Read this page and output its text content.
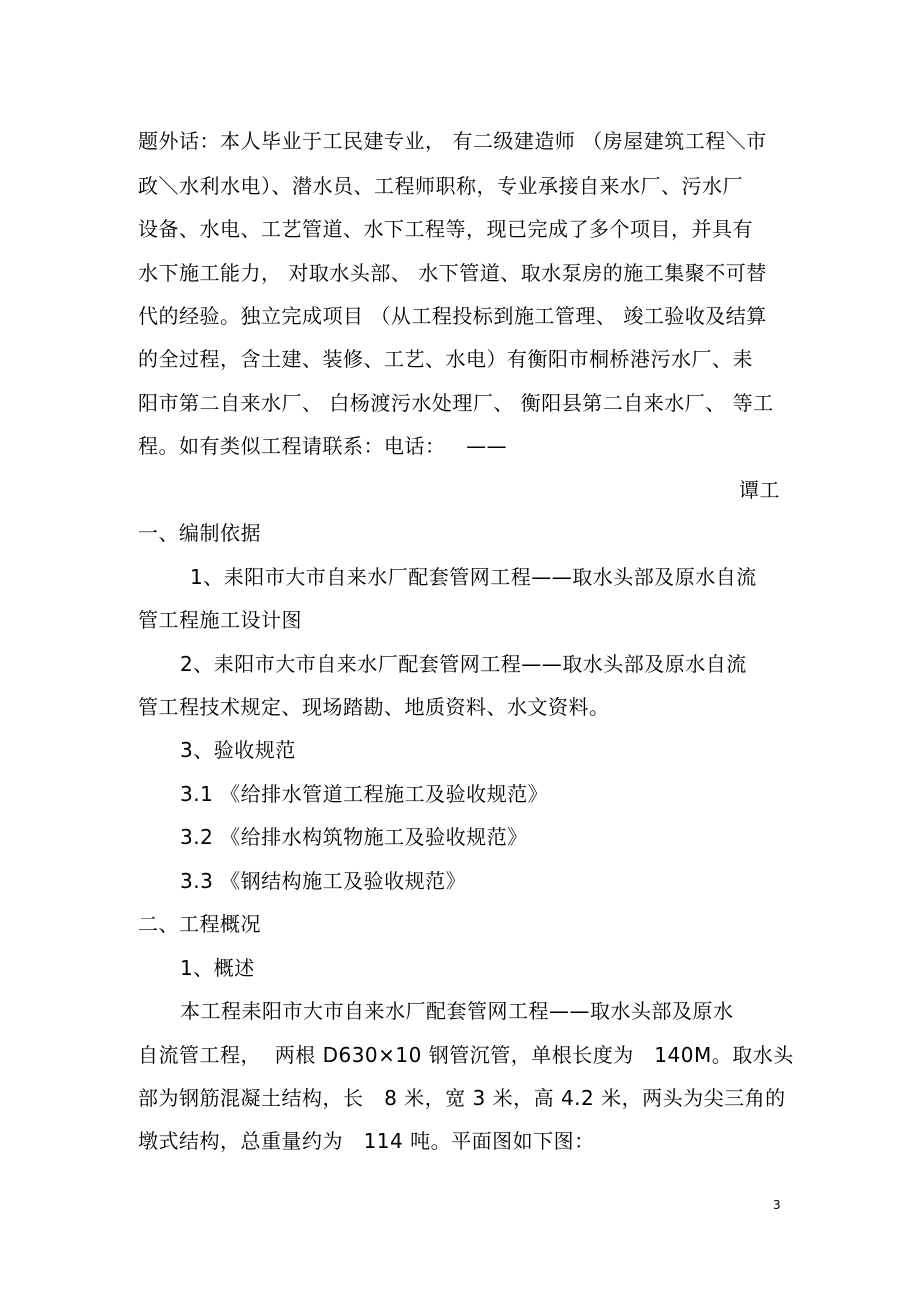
题外话：本人毕业于工民建专业， 有二级建造师 （房屋建筑工程＼市
政＼水利水电）、潜水员、工程师职称，专业承接自来水厂、污水厂
设备、水电、工艺管道、水下工程等，现已完成了多个项目，并具有
水下施工能力， 对取水头部、 水下管道、取水泵房的施工集聚不可替
代的经验。独立完成项目 （从工程投标到施工管理、 竣工验收及结算
的全过程，含土建、装修、工艺、水电）有衡阳市桐桥港污水厂、耒
阳市第二自来水厂、 白杨渡污水处理厂、 衡阳县第二自来水厂、 等工
程。如有类似工程请联系：电话：   ——
谭工
一、编制依据
1、耒阳市大市自来水厂配套管网工程——取水头部及原水自流
管工程施工设计图
2、耒阳市大市自来水厂配套管网工程——取水头部及原水自流
管工程技术规定、现场踏勘、地质资料、水文资料。
3、验收规范
3.1 《给排水管道工程施工及验收规范》
3.2 《给排水构筑物施工及验收规范》
3.3 《钢结构施工及验收规范》
二、工程概况
1、概述
本工程耒阳市大市自来水厂配套管网工程——取水头部及原水
自流管工程，  两根 D630×10 钢管沉管，单根长度为   140M。取水头
部为钢筋混凝土结构，长   8 米，宽 3 米，高 4.2 米，两头为尖三角的
墩式结构，总重量约为   114 吨。平面图如下图：
3
